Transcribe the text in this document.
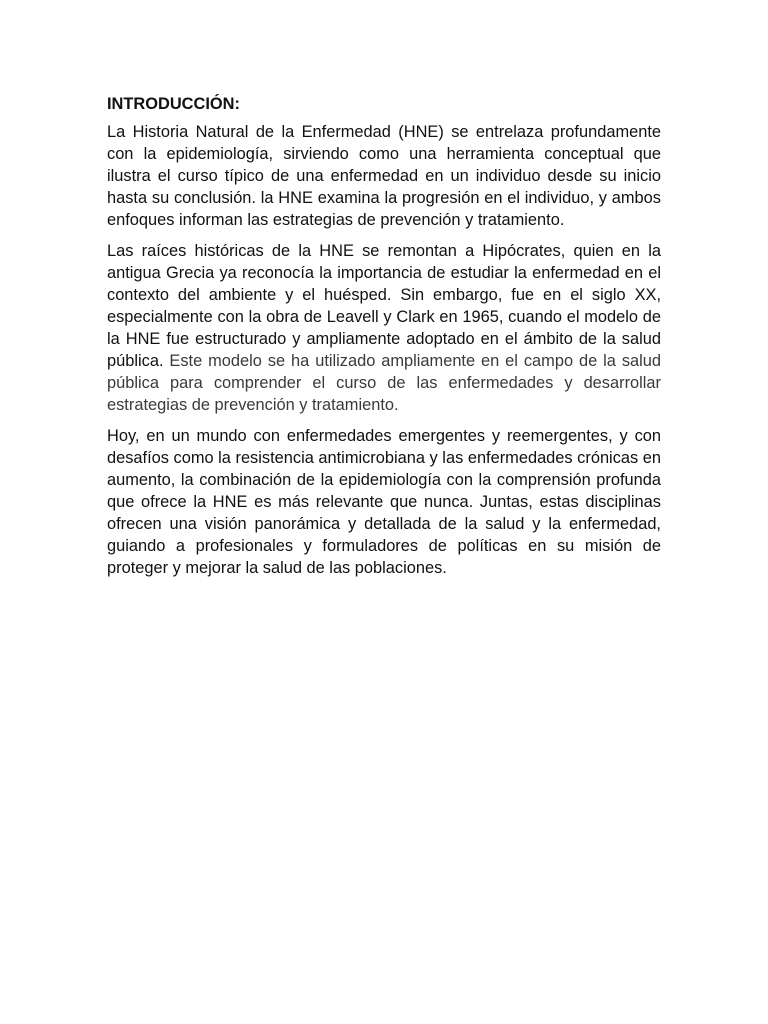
INTRODUCCIÓN:

La Historia Natural de la Enfermedad (HNE) se entrelaza profundamente con la epidemiología, sirviendo como una herramienta conceptual que ilustra el curso típico de una enfermedad en un individuo desde su inicio hasta su conclusión. la HNE examina la progresión en el individuo, y ambos enfoques informan las estrategias de prevención y tratamiento.

Las raíces históricas de la HNE se remontan a Hipócrates, quien en la antigua Grecia ya reconocía la importancia de estudiar la enfermedad en el contexto del ambiente y el huésped. Sin embargo, fue en el siglo XX, especialmente con la obra de Leavell y Clark en 1965, cuando el modelo de la HNE fue estructurado y ampliamente adoptado en el ámbito de la salud pública. Este modelo se ha utilizado ampliamente en el campo de la salud pública para comprender el curso de las enfermedades y desarrollar estrategias de prevención y tratamiento.

Hoy, en un mundo con enfermedades emergentes y reemergentes, y con desafíos como la resistencia antimicrobiana y las enfermedades crónicas en aumento, la combinación de la epidemiología con la comprensión profunda que ofrece la HNE es más relevante que nunca. Juntas, estas disciplinas ofrecen una visión panorámica y detallada de la salud y la enfermedad, guiando a profesionales y formuladores de políticas en su misión de proteger y mejorar la salud de las poblaciones.
